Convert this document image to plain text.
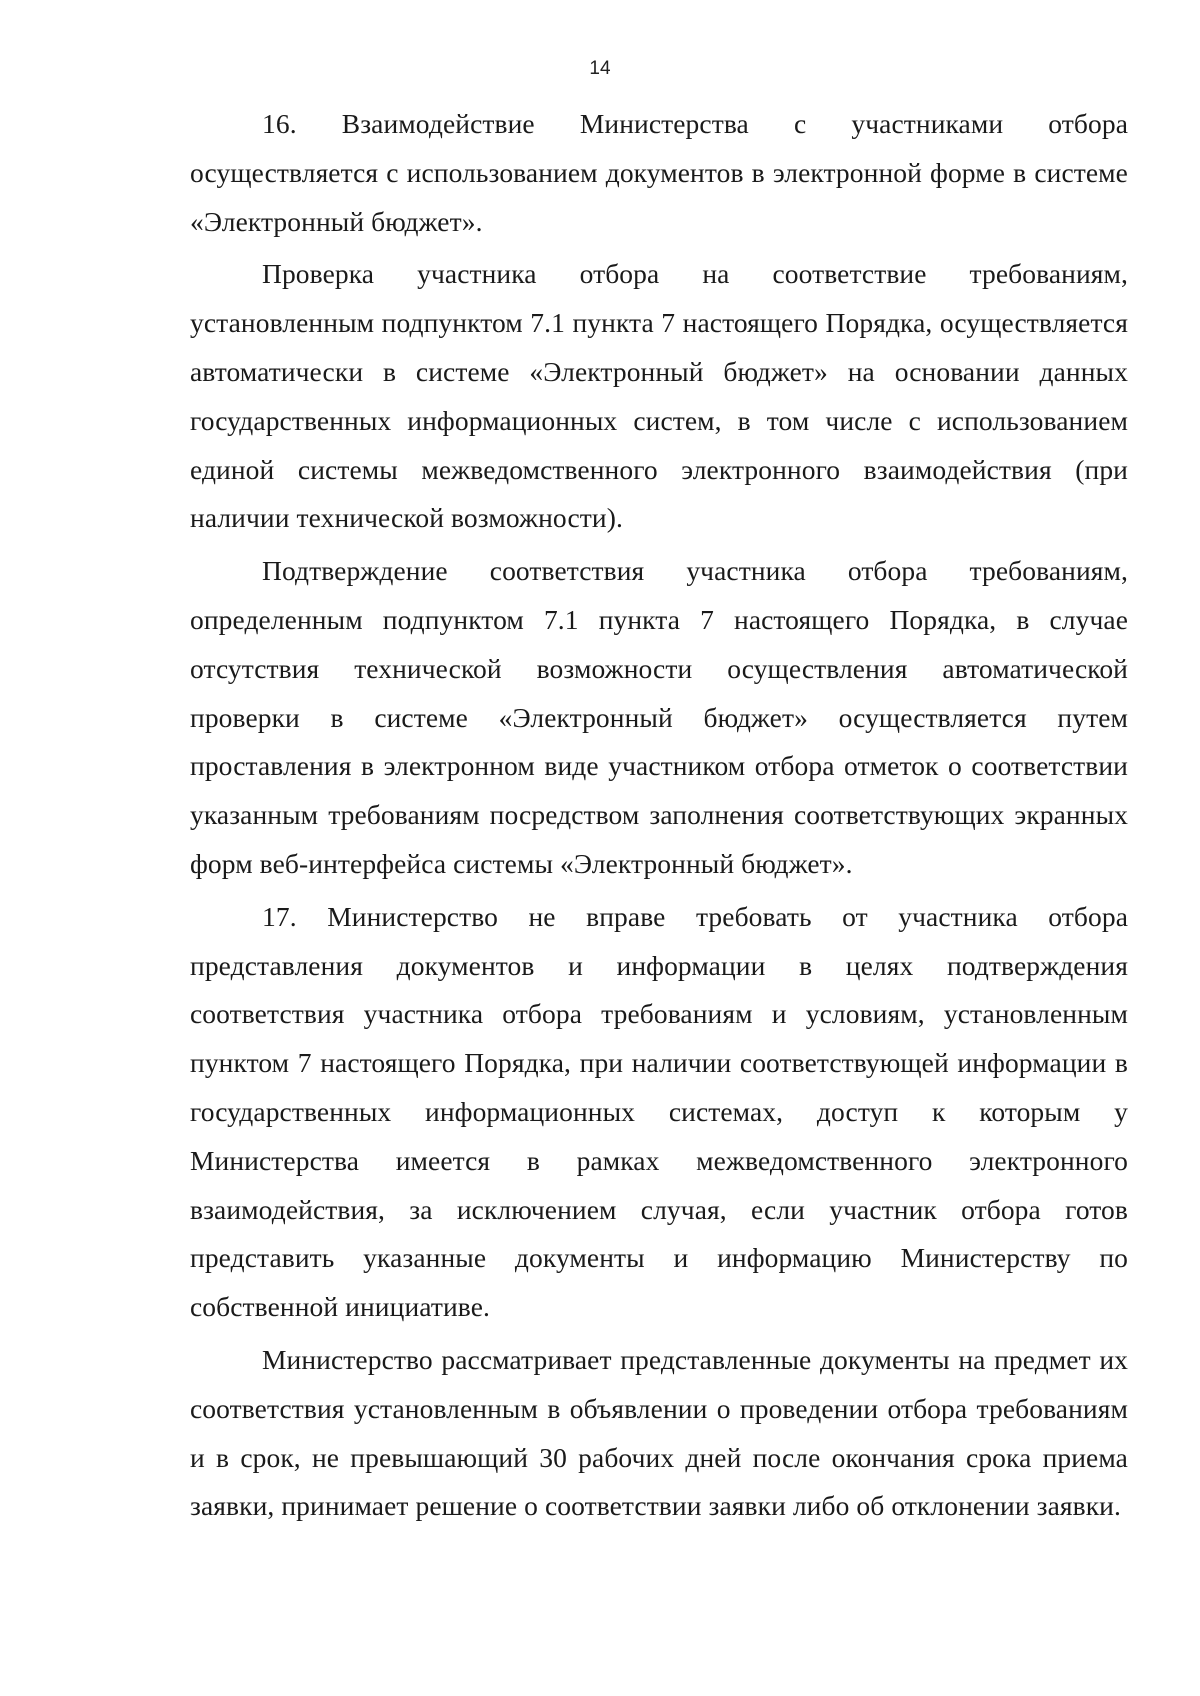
14

16. Взаимодействие Министерства с участниками отбора осуществляется с использованием документов в электронной форме в системе «Электронный бюджет».

Проверка участника отбора на соответствие требованиям, установленным подпунктом 7.1 пункта 7 настоящего Порядка, осуществляется автоматически в системе «Электронный бюджет» на основании данных государственных информационных систем, в том числе с использованием единой системы межведомственного электронного взаимодействия (при наличии технической возможности).

Подтверждение соответствия участника отбора требованиям, определенным подпунктом 7.1 пункта 7 настоящего Порядка, в случае отсутствия технической возможности осуществления автоматической проверки в системе «Электронный бюджет» осуществляется путем проставления в электронном виде участником отбора отметок о соответствии указанным требованиям посредством заполнения соответствующих экранных форм веб-интерфейса системы «Электронный бюджет».

17. Министерство не вправе требовать от участника отбора представления документов и информации в целях подтверждения соответствия участника отбора требованиям и условиям, установленным пунктом 7 настоящего Порядка, при наличии соответствующей информации в государственных информационных системах, доступ к которым у Министерства имеется в рамках межведомственного электронного взаимодействия, за исключением случая, если участник отбора готов представить указанные документы и информацию Министерству по собственной инициативе.

Министерство рассматривает представленные документы на предмет их соответствия установленным в объявлении о проведении отбора требованиям и в срок, не превышающий 30 рабочих дней после окончания срока приема заявки, принимает решение о соответствии заявки либо об отклонении заявки.
